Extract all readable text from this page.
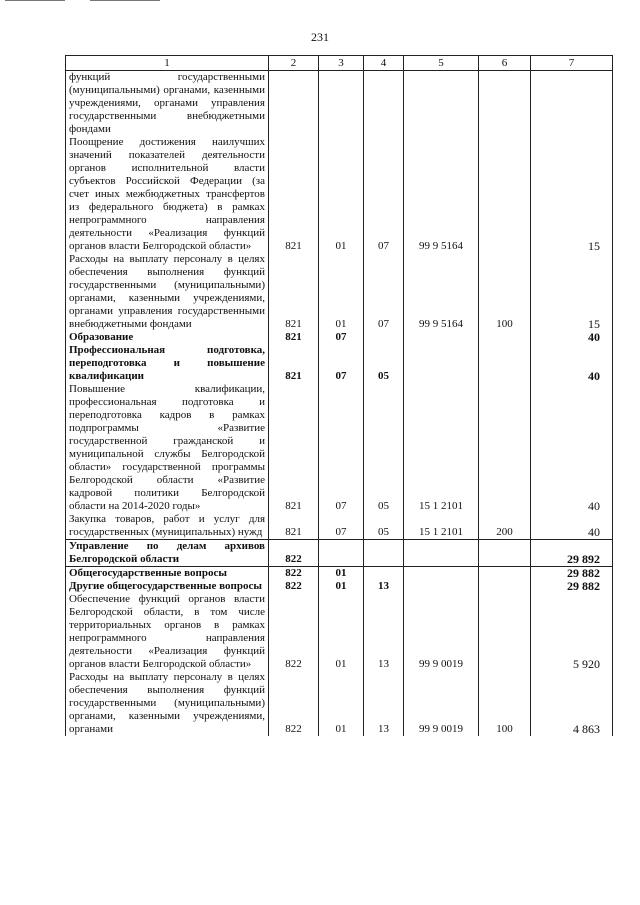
231
1	2	3	4	5	6	7
функций государственными (муниципальными) органами, казенными учреждениями, органами управления государственными внебюджетными фондами						
Поощрение достижения наилучших значений показателей деятельности органов исполнительной власти субъектов Российской Федерации (за счет иных межбюджетных трансфертов из федерального бюджета) в рамках непрограммного направления деятельности «Реализация функций органов власти Белгородской области»	821	01	07	99 9 5164		15
Расходы на выплату персоналу в целях обеспечения выполнения функций государственными (муниципальными) органами, казенными учреждениями, органами управления государственными внебюджетными фондами	821	01	07	99 9 5164	100	15
Образование	821	07				40
Профессиональная подготовка, переподготовка и повышение квалификации	821	07	05			40
Повышение квалификации, профессиональная подготовка и переподготовка кадров в рамках подпрограммы «Развитие государственной гражданской и муниципальной службы Белгородской области» государственной программы Белгородской области «Развитие кадровой политики Белгородской области на 2014-2020 годы»	821	07	05	15 1 2101		40
Закупка товаров, работ и услуг для государственных (муниципальных) нужд	821	07	05	15 1 2101	200	40
Управление по делам архивов Белгородской области	822					29 892
Общегосударственные вопросы	822	01				29 882
Другие общегосударственные вопросы	822	01	13			29 882
Обеспечение функций органов власти Белгородской области, в том числе территориальных органов в рамках непрограммного направления деятельности «Реализация функций органов власти Белгородской области»	822	01	13	99 9 0019		5 920
Расходы на выплату персоналу в целях обеспечения выполнения функций государственными (муниципальными) органами, казенными учреждениями, органами	822	01	13	99 9 0019	100	4 863
